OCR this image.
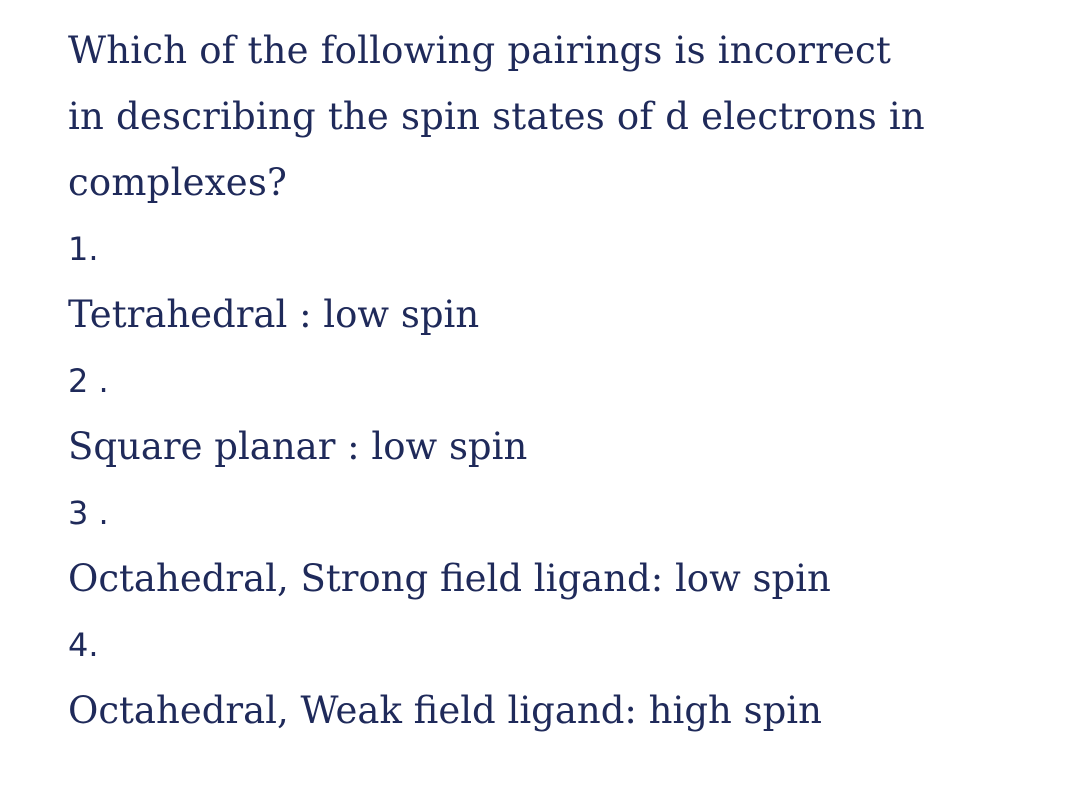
Which of the following pairings is incorrect
in describing the spin states of d electrons in
complexes?
1.
Tetrahedral : low spin
2 .
Square planar : low spin
3 .
Octahedral, Strong field ligand: low spin
4.
Octahedral, Weak field ligand: high spin
